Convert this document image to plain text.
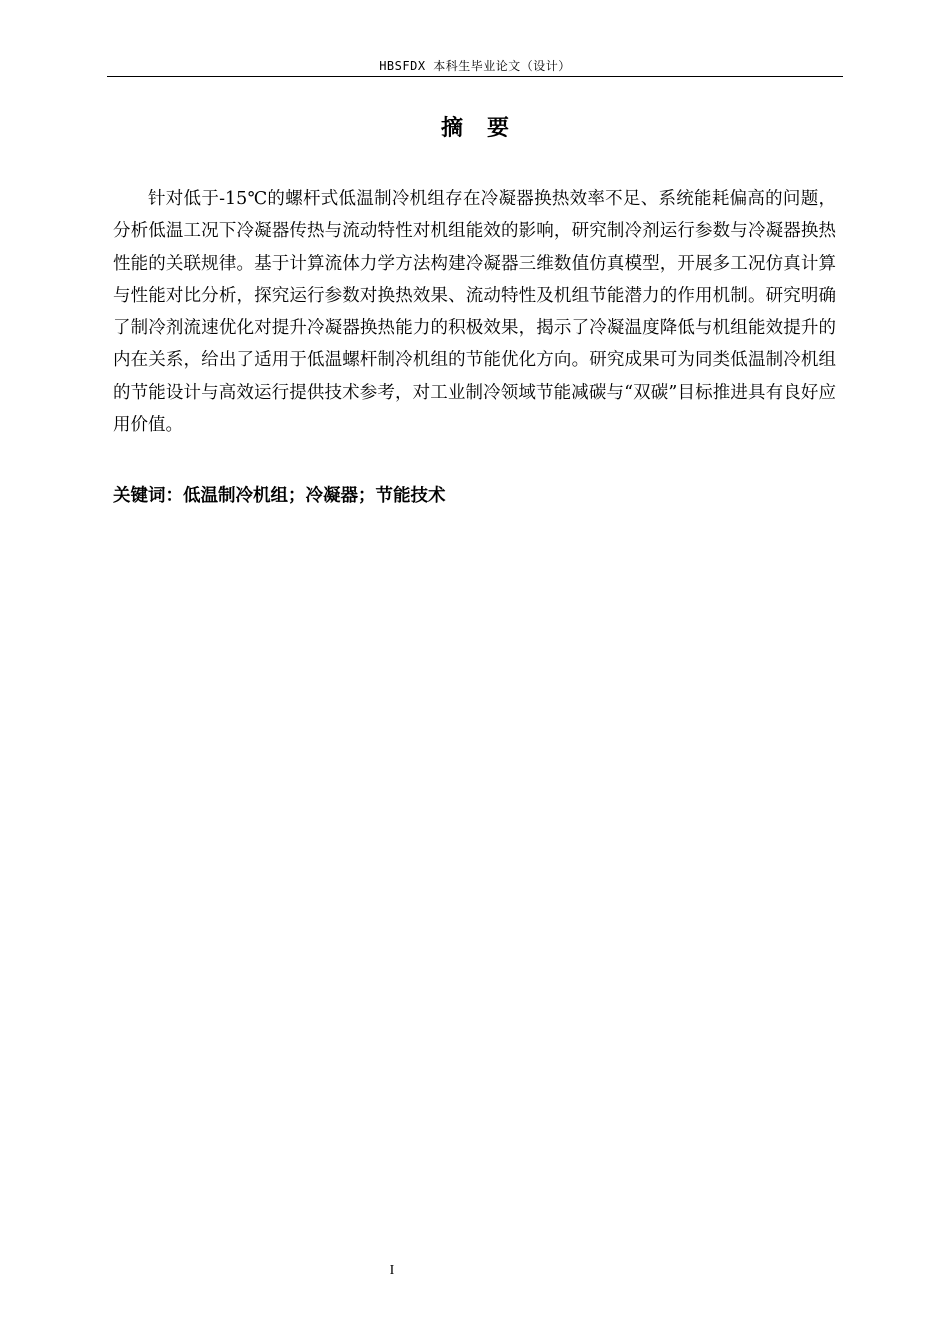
HBSFDX 本科生毕业论文（设计）
摘要

针对低于-15℃的螺杆式低温制冷机组存在冷凝器换热效率不足、系统能耗偏高的问题，分析低温工况下冷凝器传热与流动特性对机组能效的影响，研究制冷剂运行参数与冷凝器换热性能的关联规律。基于计算流体力学方法构建冷凝器三维数值仿真模型，开展多工况仿真计算与性能对比分析，探究运行参数对换热效果、流动特性及机组节能潜力的作用机制。研究明确了制冷剂流速优化对提升冷凝器换热能力的积极效果，揭示了冷凝温度降低与机组能效提升的内在关系，给出了适用于低温螺杆制冷机组的节能优化方向。研究成果可为同类低温制冷机组的节能设计与高效运行提供技术参考，对工业制冷领域节能减碳与“双碳”目标推进具有良好应用价值。

关键词：低温制冷机组；冷凝器；节能技术
I
